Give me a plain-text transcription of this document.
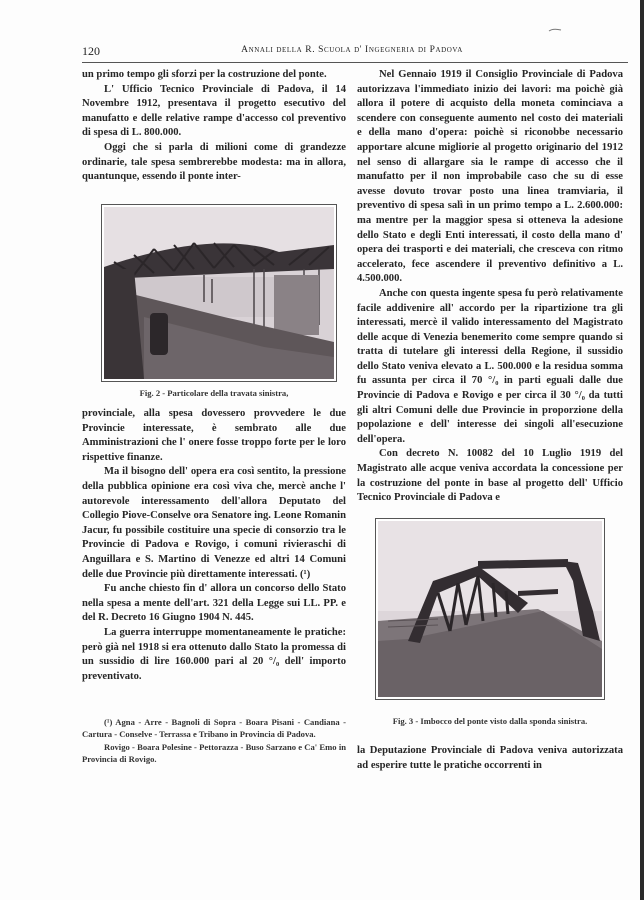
120	Annali della R. Scuola d' Ingegneria di Padova

un primo tempo gli sforzi per la costruzione del ponte.

L' Ufficio Tecnico Provinciale di Padova, il 14 Novembre 1912, presentava il progetto esecutivo del manufatto e delle relative rampe d'accesso col preventivo di spesa di L. 800.000.

Oggi che si parla di milioni come di grandezze ordinarie, tale spesa sembrerebbe modesta: ma in allora, quantunque, essendo il ponte inter-

Fig. 2 - Particolare della travata sinistra,

provinciale, alla spesa dovessero provvedere le due Provincie interessate, è sembrato alle due Amministrazioni che l' onere fosse troppo forte per le loro rispettive finanze.

Ma il bisogno dell' opera era così sentito, la pressione della pubblica opinione era così viva che, mercè anche l' autorevole interessamento dell'allora Deputato del Collegio Piove-Conselve ora Senatore ing. Leone Romanin Jacur, fu possibile costituire una specie di consorzio tra le Provincie di Padova e Rovigo, i comuni rivieraschi di Anguillara e S. Martino di Venezze ed altri 14 Comuni delle due Provincie più direttamente interessati. (¹)

Fu anche chiesto fin d' allora un concorso dello Stato nella spesa a mente dell'art. 321 della Legge sui LL. PP. e del R. Decreto 16 Giugno 1904 N. 445.

La guerra interruppe momentaneamente le pratiche: però già nel 1918 si era ottenuto dallo Stato la promessa di un sussidio di lire 160.000 pari al 20 °/₀ dell' importo preventivato.

(¹) Agna - Arre - Bagnoli di Sopra - Boara Pisani - Candiana - Cartura - Conselve - Terrassa e Tribano in Provincia di Padova.

Rovigo - Boara Polesine - Pettorazza - Buso Sarzano e Ca' Emo in Provincia di Rovigo.

Nel Gennaio 1919 il Consiglio Provinciale di Padova autorizzava l'immediato inizio dei lavori: ma poichè già allora il potere di acquisto della moneta cominciava a scendere con conseguente aumento nel costo dei materiali e della mano d'opera: poichè si riconobbe necessario apportare alcune migliorie al progetto originario del 1912 nel senso di allargare sia le rampe di accesso che il manufatto per il non improbabile caso che su di esse avesse dovuto trovar posto una linea tramviaria, il preventivo di spesa salì in un primo tempo a L. 2.600.000: ma mentre per la maggior spesa si otteneva la adesione dello Stato e degli Enti interessati, il costo della mano d' opera dei trasporti e dei materiali, che cresceva con ritmo accelerato, fece ascendere il preventivo definitivo a L. 4.500.000.

Anche con questa ingente spesa fu però relativamente facile addivenire all' accordo per la ripartizione tra gli interessati, mercè il valido interessamento del Magistrato delle acque di Venezia benemerito come sempre quando si tratta di tutelare gli interessi della Regione, il sussidio dello Stato veniva elevato a L. 500.000 e la residua somma fu assunta per circa il 70 °/₀ in parti eguali dalle due Provincie di Padova e Rovigo e per circa il 30 °/₀ da tutti gli altri Comuni delle due Provincie in proporzione della popolazione e dell' interesse dei singoli all'esecuzione dell'opera.

Con decreto N. 10082 del 10 Luglio 1919 del Magistrato alle acque veniva accordata la concessione per la costruzione del ponte in base al progetto dell' Ufficio Tecnico Provinciale di Padova e

Fig. 3 - Imbocco del ponte visto dalla sponda sinistra.

la Deputazione Provinciale di Padova veniva autorizzata ad esperire tutte le pratiche occorrenti in
